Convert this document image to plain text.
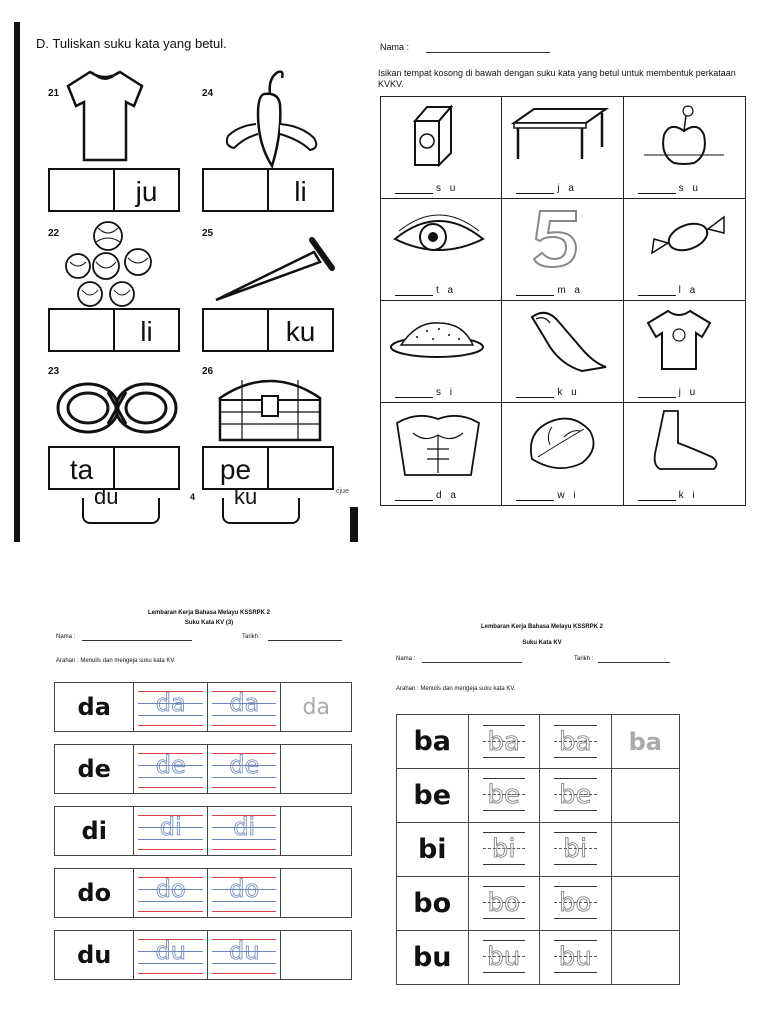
D. Tuliskan suku kata yang betul.
21
ju
24
li
22
li
25
ku
23
ta
26
pe
4
cjue
du	ku
Nama :
Isikan tempat kosong di bawah dengan suku kata yang betul untuk membentuk perkataan KVKV.
s u	j a	s u
t a	m a	l a
s i	k u	j u
d a	w i	k i
Lembaran Kerja Bahasa Melayu KSSRPK 2
Suku Kata KV (3)
Nama :	Tarikh :
Arahan : Menulis dan mengeja suku kata KV.
da	da	da	da
de	de	de
di	di	di
do	do	do
du	du	du
Lembaran Kerja Bahasa Melayu KSSRPK 2
Suku Kata KV
Nama :	Tarikh :
Arahan : Menulis dan mengeja suku kata KV.
ba	ba	ba	ba
be	be	be
bi	bi	bi
bo	bo	bo
bu	bu	bu
